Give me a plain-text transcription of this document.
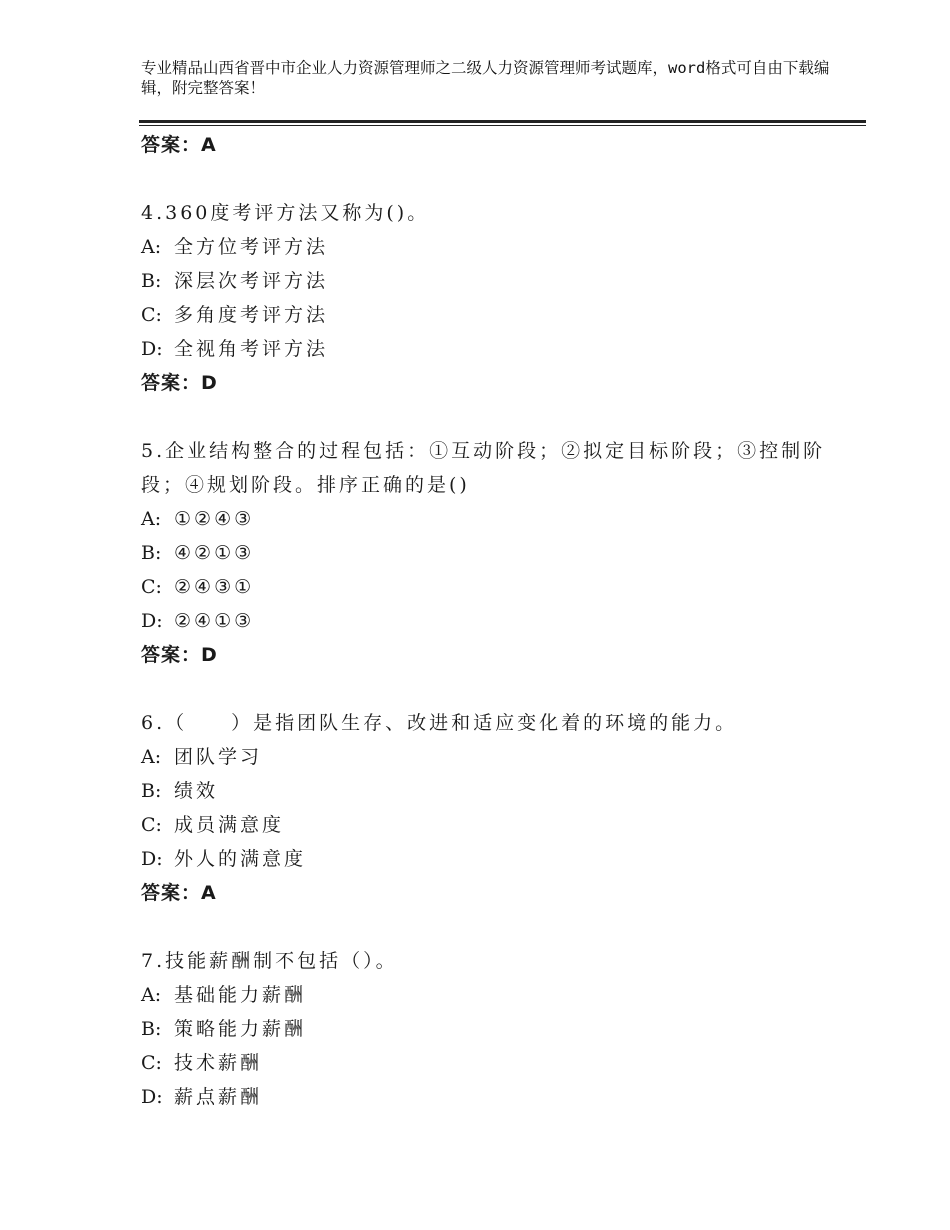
专业精品山西省晋中市企业人力资源管理师之二级人力资源管理师考试题库，word格式可自由下载编辑，附完整答案！
答案：A
4.360度考评方法又称为()。
A: 全方位考评方法
B: 深层次考评方法
C: 多角度考评方法
D: 全视角考评方法
答案：D
5.企业结构整合的过程包括：①互动阶段；②拟定目标阶段；③控制阶段；④规划阶段。排序正确的是()
A: ①②④③
B: ④②①③
C: ②④③①
D: ②④①③
答案：D
6.（　　）是指团队生存、改进和适应变化着的环境的能力。
A: 团队学习
B: 绩效
C: 成员满意度
D: 外人的满意度
答案：A
7.技能薪酬制不包括（）。
A: 基础能力薪酬
B: 策略能力薪酬
C: 技术薪酬
D: 薪点薪酬
